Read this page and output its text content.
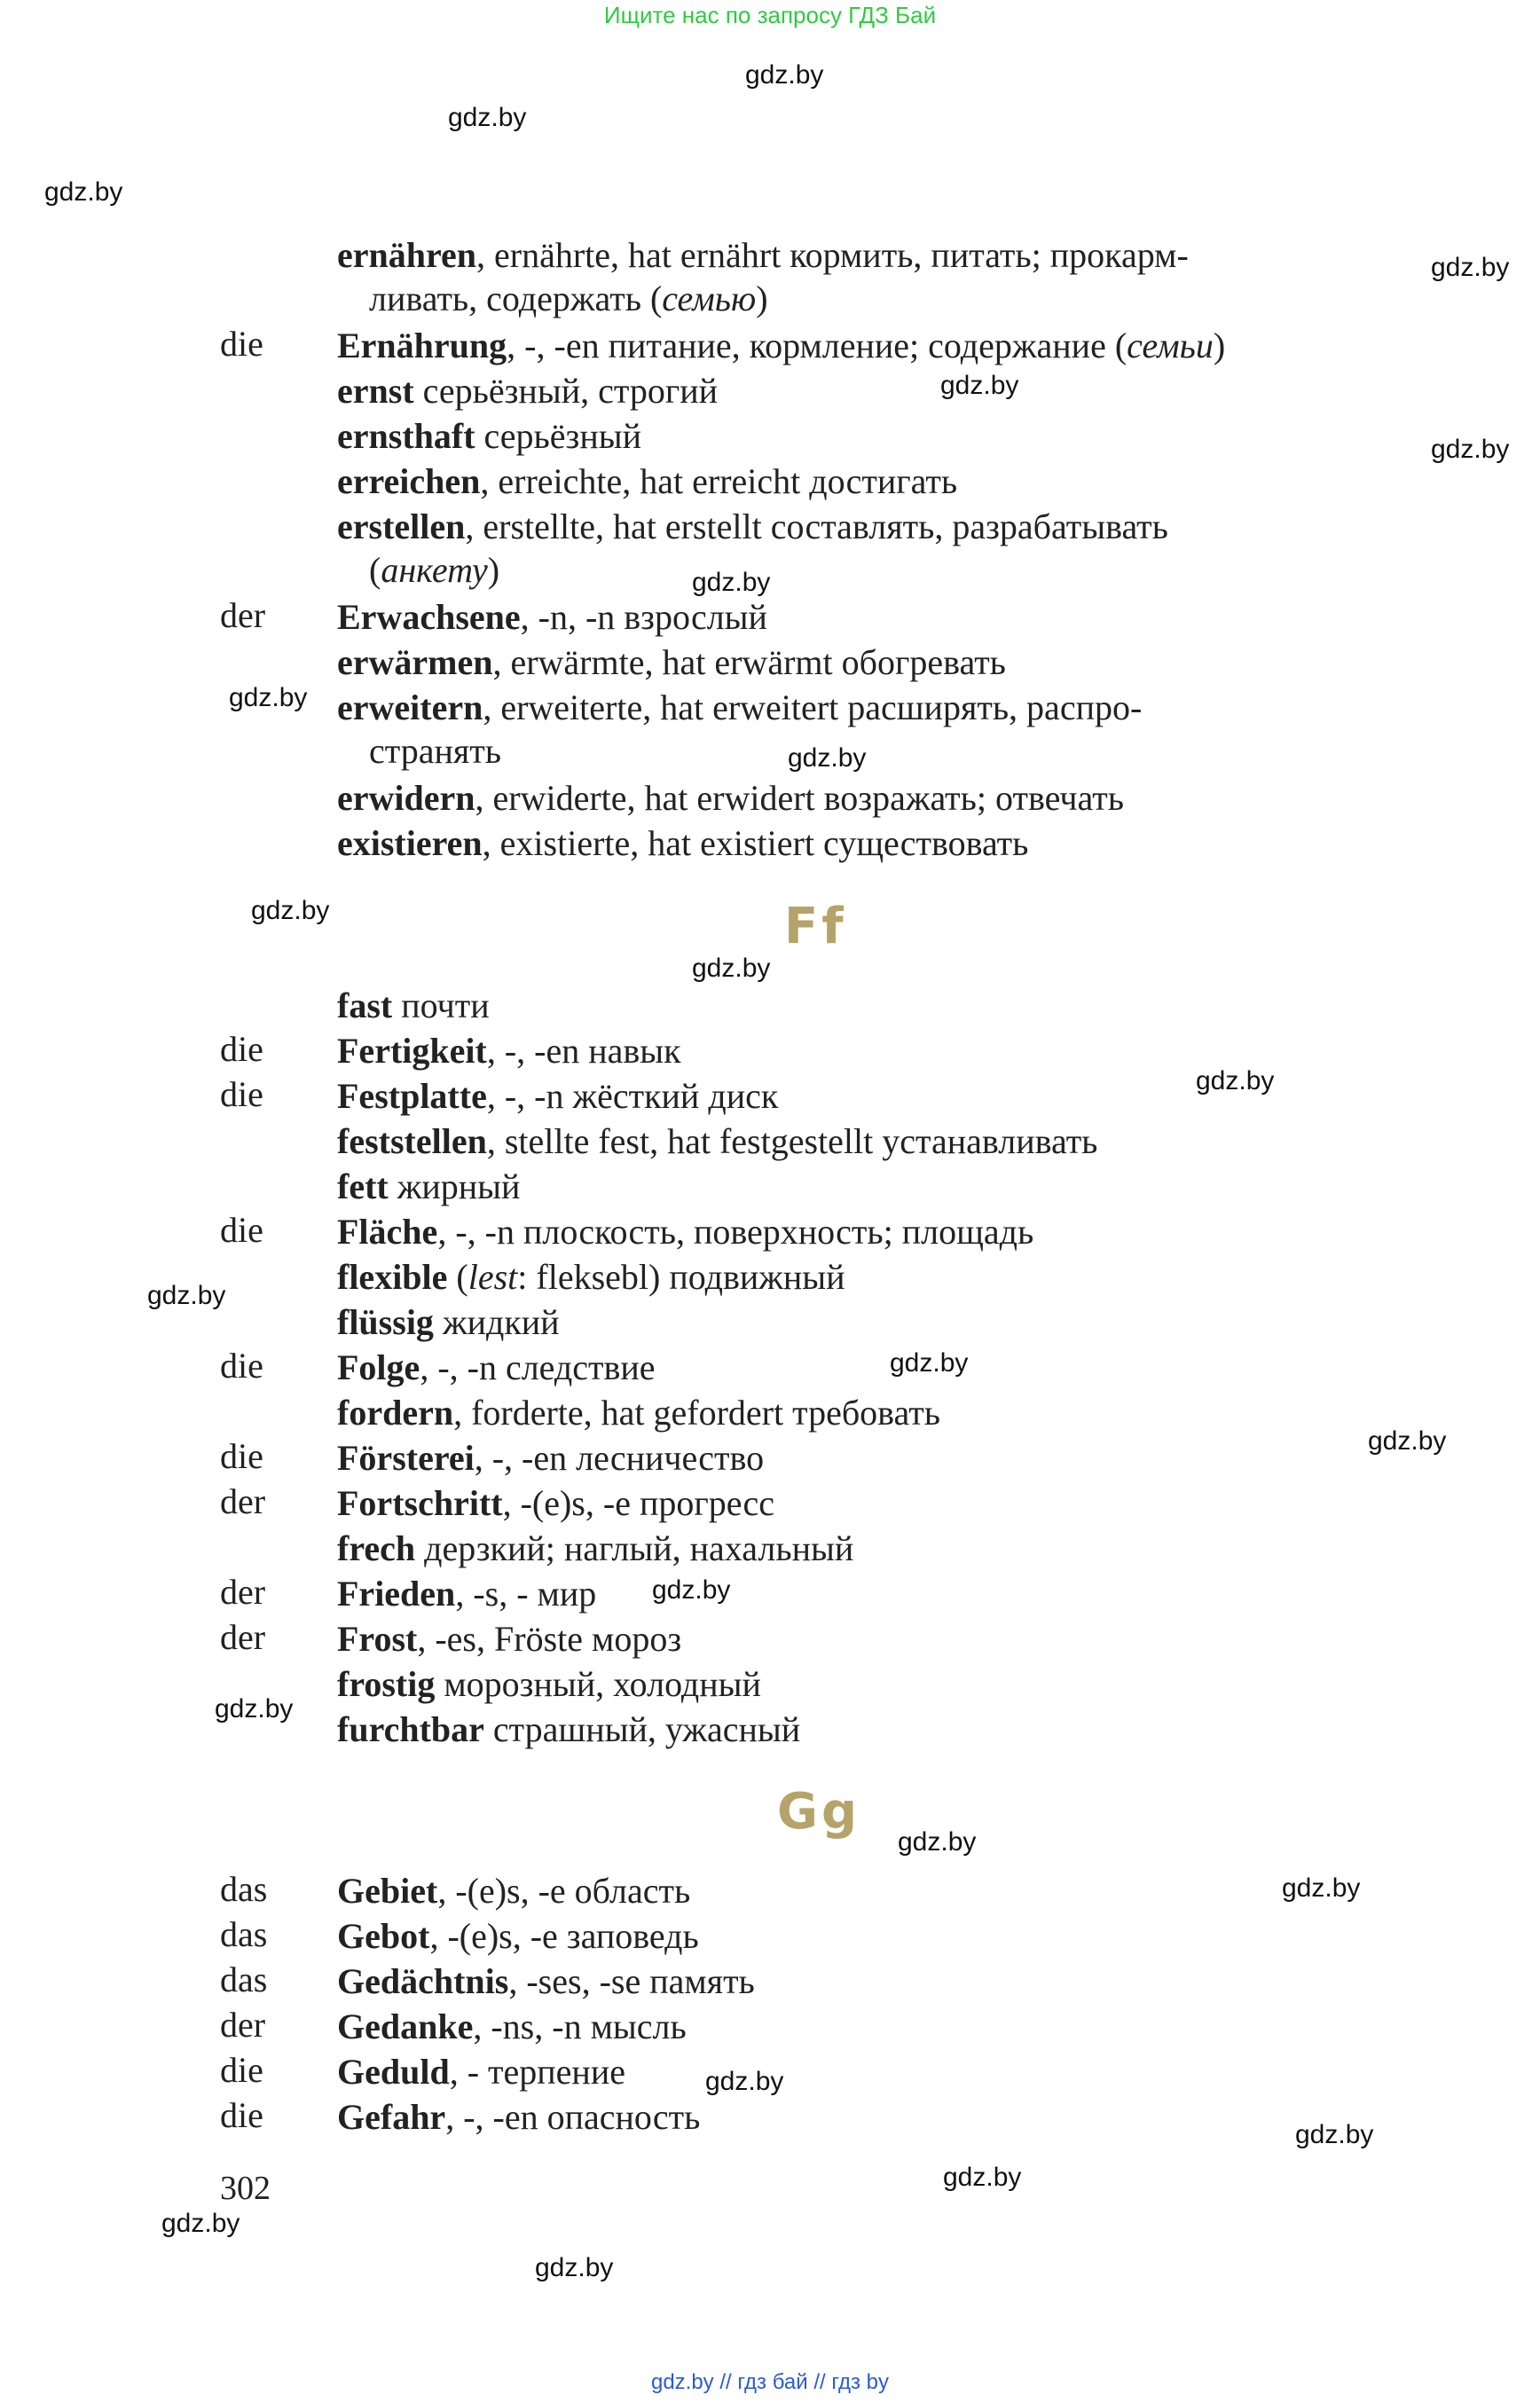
Ищите нас по запросу ГДЗ Бай
gdz.by
gdz.by
gdz.by
gdz.by
gdz.by
gdz.by
gdz.by
gdz.by
gdz.by
gdz.by
gdz.by
gdz.by
gdz.by
gdz.by
gdz.by
gdz.by
gdz.by
gdz.by
gdz.by
gdz.by
gdz.by
gdz.by
gdz.by
gdz.by
ernähren, ernährte, hat ernährt кормить, питать; прокарм-
ливать, содержать (семью)
die Ernährung, -, -en питание, кормление; содержание (семьи)
ernst серьёзный, строгий
ernsthaft серьёзный
erreichen, erreichte, hat erreicht достигать
erstellen, erstellte, hat erstellt составлять, разрабатывать
(анкету)
der Erwachsene, -n, -n взрослый
erwärmen, erwärmte, hat erwärmt обогревать
erweitern, erweiterte, hat erweitert расширять, распро-
странять
erwidern, erwiderte, hat erwidert возражать; отвечать
existieren, existierte, hat existiert существовать
Ff
fast почти
die Fertigkeit, -, -en навык
die Festplatte, -, -n жёсткий диск
feststellen, stellte fest, hat festgestellt устанавливать
fett жирный
die Fläche, -, -n плоскость, поверхность; площадь
flexible (lest: fleksebl) подвижный
flüssig жидкий
die Folge, -, -n следствие
fordern, forderte, hat gefordert требовать
die Försterei, -, -en лесничество
der Fortschritt, -(e)s, -e прогресс
frech дерзкий; наглый, нахальный
der Frieden, -s, - мир
der Frost, -es, Fröste мороз
frostig морозный, холодный
furchtbar страшный, ужасный
Gg
das Gebiet, -(e)s, -e область
das Gebot, -(e)s, -e заповедь
das Gedächtnis, -ses, -se память
der Gedanke, -ns, -n мысль
die Geduld, - терпение
die Gefahr, -, -en опасность
302
gdz.by // гдз бай // гдз by
